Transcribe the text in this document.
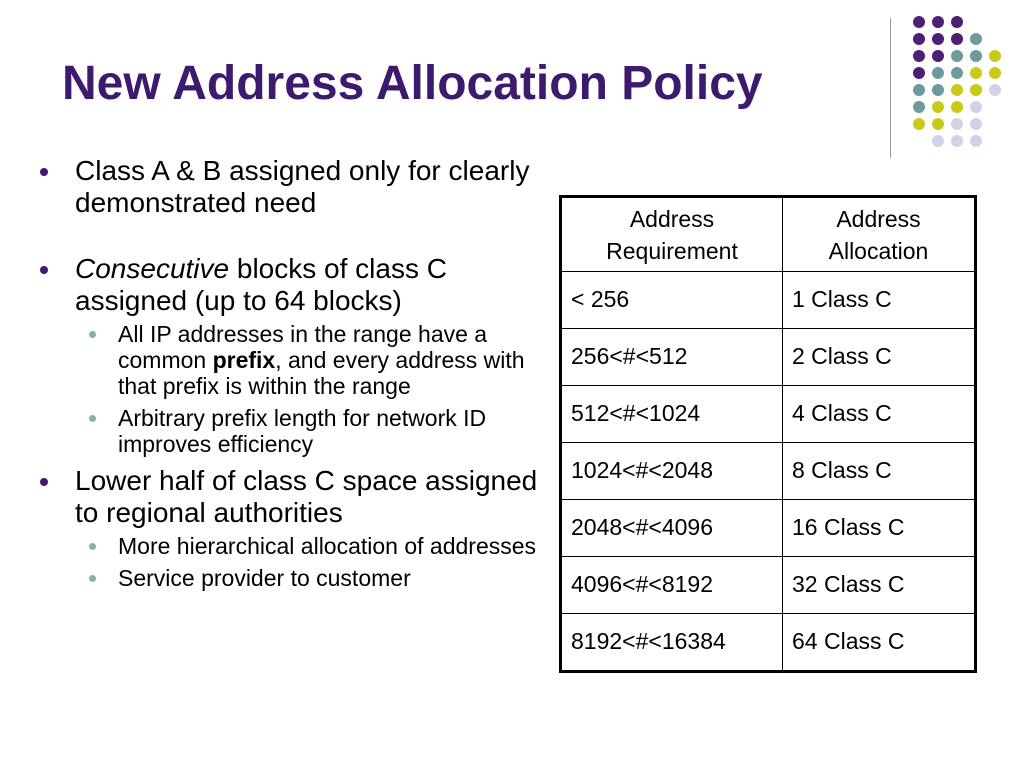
New Address Allocation Policy
Class A & B assigned only for clearly demonstrated need
Consecutive blocks of class C assigned (up to 64 blocks)
All IP addresses in the range have a common prefix, and every address with that prefix is within the range
Arbitrary prefix length for network ID improves efficiency
Lower half of class C space assigned to regional authorities
More hierarchical allocation of addresses
Service provider to customer
Address Requirement	Address Allocation
< 256	1 Class C
256<#<512	2 Class C
512<#<1024	4 Class C
1024<#<2048	8 Class C
2048<#<4096	16 Class C
4096<#<8192	32 Class C
8192<#<16384	64 Class C
